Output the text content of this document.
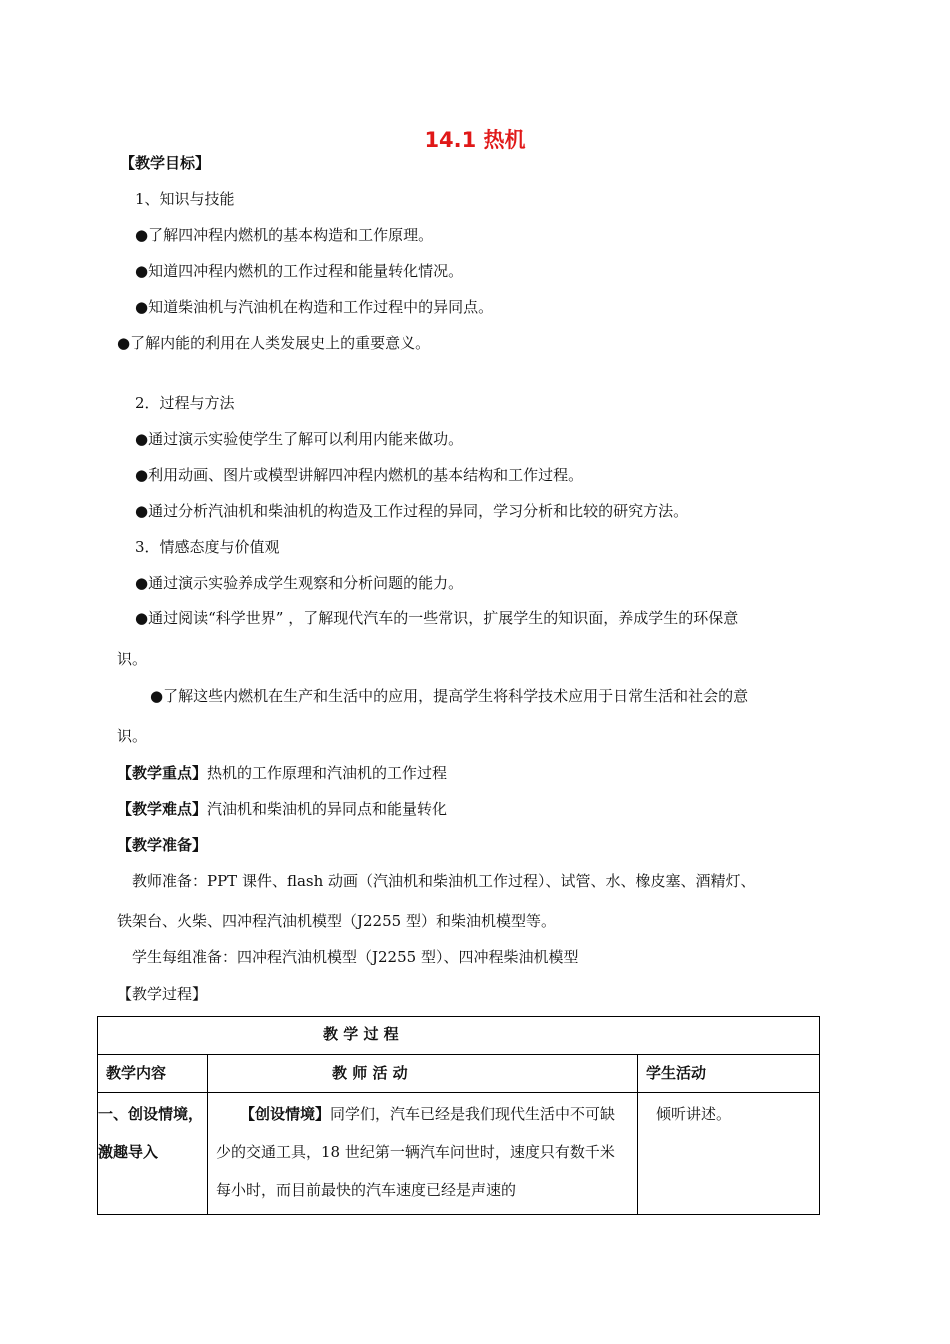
14.1 热机
【教学目标】
1、知识与技能
●了解四冲程内燃机的基本构造和工作原理。
●知道四冲程内燃机的工作过程和能量转化情况。
●知道柴油机与汽油机在构造和工作过程中的异同点。
●了解内能的利用在人类发展史上的重要意义。
2．过程与方法
●通过演示实验使学生了解可以利用内能来做功。
●利用动画、图片或模型讲解四冲程内燃机的基本结构和工作过程。
●通过分析汽油机和柴油机的构造及工作过程的异同，学习分析和比较的研究方法。
3．情感态度与价值观
●通过演示实验养成学生观察和分析问题的能力。
●通过阅读“科学世界” ，了解现代汽车的一些常识，扩展学生的知识面，养成学生的环保意
识。
●了解这些内燃机在生产和生活中的应用，提高学生将科学技术应用于日常生活和社会的意
识。
【教学重点】热机的工作原理和汽油机的工作过程
【教学难点】汽油机和柴油机的异同点和能量转化
【教学准备】
教师准备：PPT 课件、flash 动画（汽油机和柴油机工作过程）、试管、水、橡皮塞、酒精灯、
铁架台、火柴、四冲程汽油机模型（J2255 型）和柴油机模型等。
学生每组准备：四冲程汽油机模型（J2255 型）、四冲程柴油机模型
【教学过程】
教 学 过 程		
教学内容	教 师 活 动	学生活动
一、创设情境，激趣导入	【创设情境】同学们，汽车已经是我们现代生活中不可缺少的交通工具，18 世纪第一辆汽车问世时，速度只有数千米每小时，而目前最快的汽车速度已经是声速的	倾听讲述。
